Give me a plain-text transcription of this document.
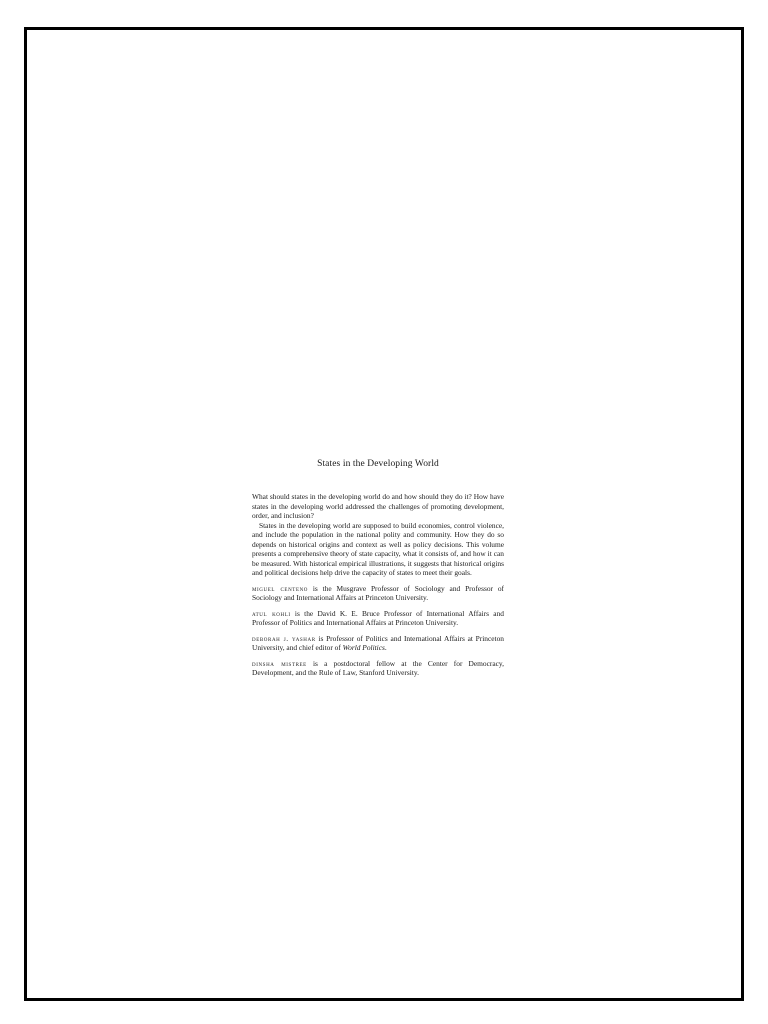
States in the Developing World

What should states in the developing world do and how should they do it? How have states in the developing world addressed the challenges of promoting development, order, and inclusion?

States in the developing world are supposed to build economies, control violence, and include the population in the national polity and community. How they do so depends on historical origins and context as well as policy decisions. This volume presents a comprehensive theory of state capacity, what it consists of, and how it can be measured. With historical empirical illustrations, it suggests that historical origins and political decisions help drive the capacity of states to meet their goals.

miguel centeno is the Musgrave Professor of Sociology and Professor of Sociology and International Affairs at Princeton University.

atul kohli is the David K. E. Bruce Professor of International Affairs and Professor of Politics and International Affairs at Princeton University.

deborah j. yashar is Professor of Politics and International Affairs at Princeton University, and chief editor of World Politics.

dinsha mistree is a postdoctoral fellow at the Center for Democracy, Development, and the Rule of Law, Stanford University.
